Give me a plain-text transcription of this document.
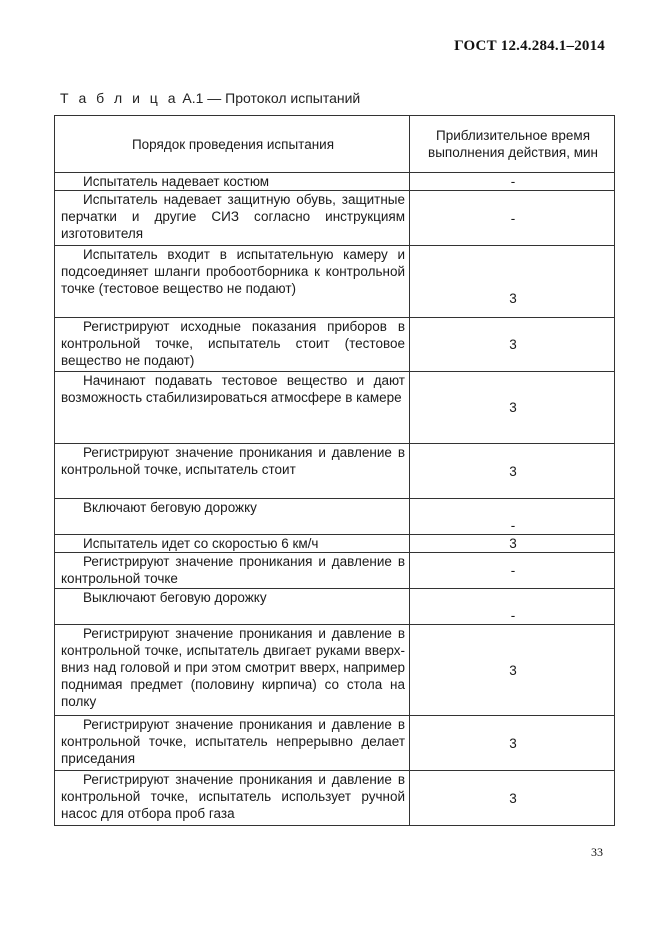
ГОСТ 12.4.284.1–2014
Т а б л и ц а А.1 — Протокол испытаний
Порядок проведения испытания	Приблизительное время выполнения действия, мин
Испытатель надевает костюм	-
Испытатель надевает защитную обувь, защитные перчатки и другие СИЗ согласно инструкциям изготовителя	-
Испытатель входит в испытательную камеру и подсоединяет шланги пробоотборника к контрольной точке (тестовое вещество не подают)	3
Регистрируют исходные показания приборов в контрольной точке, испытатель стоит (тестовое вещество не подают)	3
Начинают подавать тестовое вещество и дают возможность стабилизироваться атмосфере в камере	3
Регистрируют значение проникания и давление в контрольной точке, испытатель стоит	3
Включают беговую дорожку	-
Испытатель идет со скоростью 6 км/ч	3
Регистрируют значение проникания и давление в контрольной точке	-
Выключают беговую дорожку	-
Регистрируют значение проникания и давление в контрольной точке, испытатель двигает руками вверх-вниз над головой и при этом смотрит вверх, например поднимая предмет (половину кирпича) со стола на полку	3
Регистрируют значение проникания и давление в контрольной точке, испытатель непрерывно делает приседания	3
Регистрируют значение проникания и давление в контрольной точке, испытатель использует ручной насос для отбора проб газа	3
33
